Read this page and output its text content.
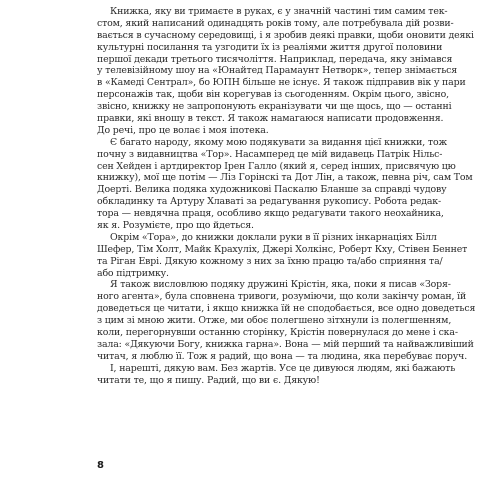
Книжка, яку ви тримаєте в руках, є у значній частині тим самим тек-
стом, який написаний одинадцять років тому, але потребувала дій розви-
вається в сучасному середовищі, і я зробив деякі правки, щоби оновити деякі
культурні посилання та узгодити їх із реаліями життя другої половини
першої декади третього тисячоліття. Наприклад, передача, яку знімався
у телевізійному шоу на «Юнайтед Парамаунт Нетворк», тепер знімається
в «Камеді Сентрал», бо ЮПН більше не існує. Я також підправив вік у пари
персонажів так, щоби він корегував із сьогоденням. Окрім цього, звісно,
звісно, книжку не запропонують екранізувати чи ще щось, що — останні
правки, які вношу в текст. Я також намагаюся написати продовження.
До речі, про це волає і моя іпотека.
Є багато народу, якому мою подякувати за видання цієї книжки, тож
почну з видавництва «Тор». Насамперед це мій видавець Патрік Нільс-
сен Хейден і артдиректор Ірен Галло (який я, серед інших, присвячую цю
книжку), мої ще потім — Ліз Горінскі та Дот Лін, а також, певна річ, сам Том
Доерті. Велика подяка художникові Паскалю Бланше за справді чудову
обкладинку та Артуру Хлаваті за редагування рукопису. Робота редак-
тора — невдячна праця, особливо якщо редагувати такого неохайника,
як я. Розумієте, про що йдеться.
Окрім «Тора», до книжки доклали руки в її різних інкарнаціях Білл
Шефер, Тім Холт, Майк Крахуліх, Джері Холкінс, Роберт Кху, Стівен Беннет
та Ріган Еврі. Дякую кожному з них за їхню працю та/або сприяння та/
або підтримку.
Я також висловлюю подяку дружині Крістін, яка, поки я писав «Зоря-
ного агента», була сповнена тривоги, розуміючи, що коли закінчу роман, їй
доведеться це читати, і якщо книжка їй не сподобається, все одно доведеться
з цим зі мною жити. Отже, ми обоє полегшено зітхнули із полегшенням,
коли, перегорнувши останню сторінку, Крістін повернулася до мене і ска-
зала: «Дякуючи Богу, книжка гарна». Вона — мій перший та найважливіший
читач, я люблю її. Тож я радий, що вона — та людина, яка перебуває поруч.
І, нарешті, дякую вам. Без жартів. Усе це дивуюся людям, які бажають
читати те, що я пишу. Радий, що ви є. Дякую!
8
